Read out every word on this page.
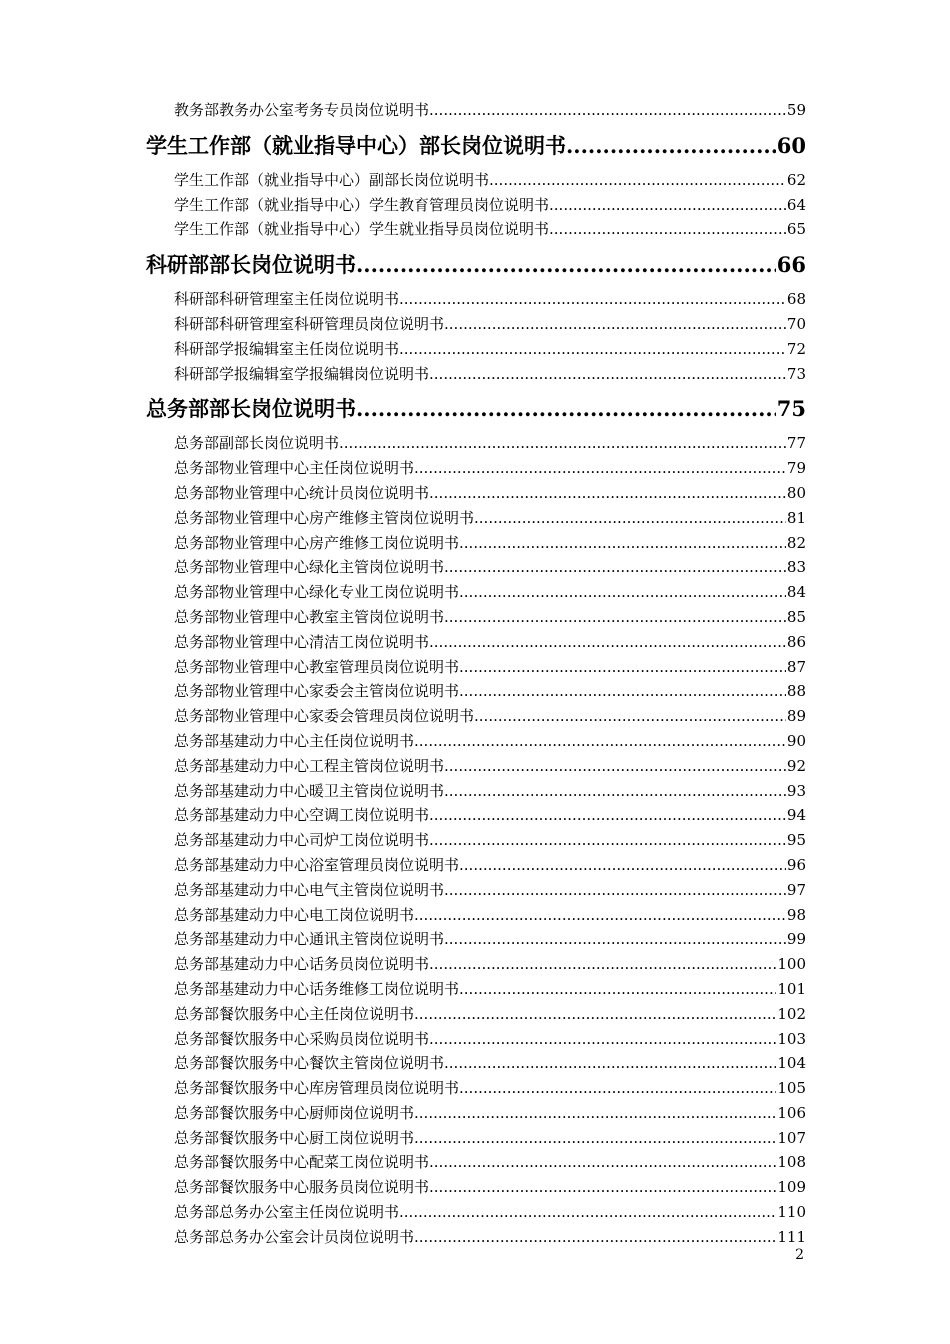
教务部教务办公室考务专员岗位说明书 .....	59
学生工作部（就业指导中心）部长岗位说明书 .....	60
学生工作部（就业指导中心）副部长岗位说明书 .....	62
学生工作部（就业指导中心）学生教育管理员岗位说明书 .....	64
学生工作部（就业指导中心）学生就业指导员岗位说明书 .....	65
科研部部长岗位说明书 .....	66
科研部科研管理室主任岗位说明书 .....	68
科研部科研管理室科研管理员岗位说明书 .....	70
科研部学报编辑室主任岗位说明书 .....	72
科研部学报编辑室学报编辑岗位说明书 .....	73
总务部部长岗位说明书 .....	75
总务部副部长岗位说明书 .....	77
总务部物业管理中心主任岗位说明书 .....	79
总务部物业管理中心统计员岗位说明书 .....	80
总务部物业管理中心房产维修主管岗位说明书 .....	81
总务部物业管理中心房产维修工岗位说明书 .....	82
总务部物业管理中心绿化主管岗位说明书 .....	83
总务部物业管理中心绿化专业工岗位说明书 .....	84
总务部物业管理中心教室主管岗位说明书 .....	85
总务部物业管理中心清洁工岗位说明书 .....	86
总务部物业管理中心教室管理员岗位说明书 .....	87
总务部物业管理中心家委会主管岗位说明书 .....	88
总务部物业管理中心家委会管理员岗位说明书 .....	89
总务部基建动力中心主任岗位说明书 .....	90
总务部基建动力中心工程主管岗位说明书 .....	92
总务部基建动力中心暖卫主管岗位说明书 .....	93
总务部基建动力中心空调工岗位说明书 .....	94
总务部基建动力中心司炉工岗位说明书 .....	95
总务部基建动力中心浴室管理员岗位说明书 .....	96
总务部基建动力中心电气主管岗位说明书 .....	97
总务部基建动力中心电工岗位说明书 .....	98
总务部基建动力中心通讯主管岗位说明书 .....	99
总务部基建动力中心话务员岗位说明书 .....	100
总务部基建动力中心话务维修工岗位说明书 .....	101
总务部餐饮服务中心主任岗位说明书 .....	102
总务部餐饮服务中心采购员岗位说明书 .....	103
总务部餐饮服务中心餐饮主管岗位说明书 .....	104
总务部餐饮服务中心库房管理员岗位说明书 .....	105
总务部餐饮服务中心厨师岗位说明书 .....	106
总务部餐饮服务中心厨工岗位说明书 .....	107
总务部餐饮服务中心配菜工岗位说明书 .....	108
总务部餐饮服务中心服务员岗位说明书 .....	109
总务部总务办公室主任岗位说明书 .....	110
总务部总务办公室会计员岗位说明书 .....	111
2
